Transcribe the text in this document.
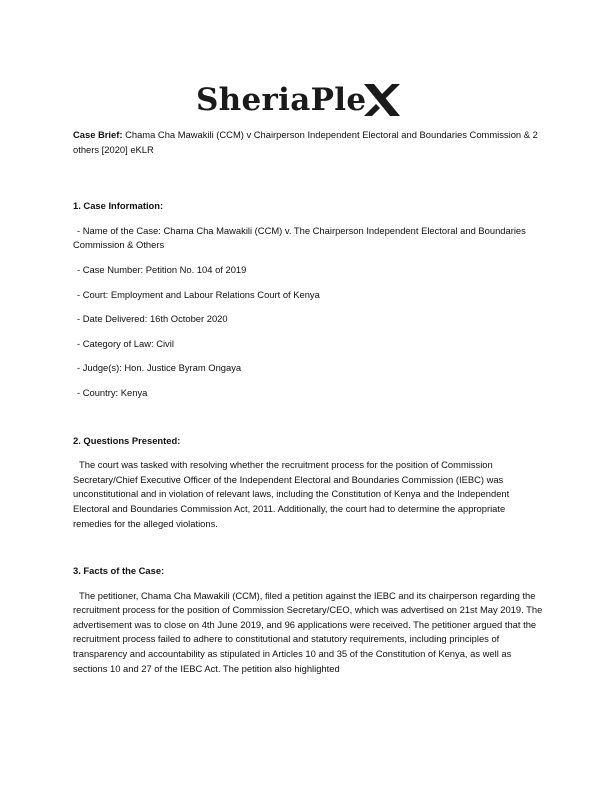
SheriaPle

Case Brief: Chama Cha Mawakili (CCM) v Chairperson Independent Electoral and Boundaries Commission & 2 others [2020] eKLR

1. Case Information:

- Name of the Case: Chama Cha Mawakili (CCM) v. The Chairperson Independent Electoral and Boundaries Commission & Others

- Case Number: Petition No. 104 of 2019

- Court: Employment and Labour Relations Court of Kenya

- Date Delivered: 16th October 2020

- Category of Law: Civil

- Judge(s): Hon. Justice Byram Ongaya

- Country: Kenya

2. Questions Presented:

The court was tasked with resolving whether the recruitment process for the position of Commission Secretary/Chief Executive Officer of the Independent Electoral and Boundaries Commission (IEBC) was unconstitutional and in violation of relevant laws, including the Constitution of Kenya and the Independent Electoral and Boundaries Commission Act, 2011. Additionally, the court had to determine the appropriate remedies for the alleged violations.

3. Facts of the Case:

The petitioner, Chama Cha Mawakili (CCM), filed a petition against the IEBC and its chairperson regarding the recruitment process for the position of Commission Secretary/CEO, which was advertised on 21st May 2019. The advertisement was to close on 4th June 2019, and 96 applications were received. The petitioner argued that the recruitment process failed to adhere to constitutional and statutory requirements, including principles of transparency and accountability as stipulated in Articles 10 and 35 of the Constitution of Kenya, as well as sections 10 and 27 of the IEBC Act. The petition also highlighted
